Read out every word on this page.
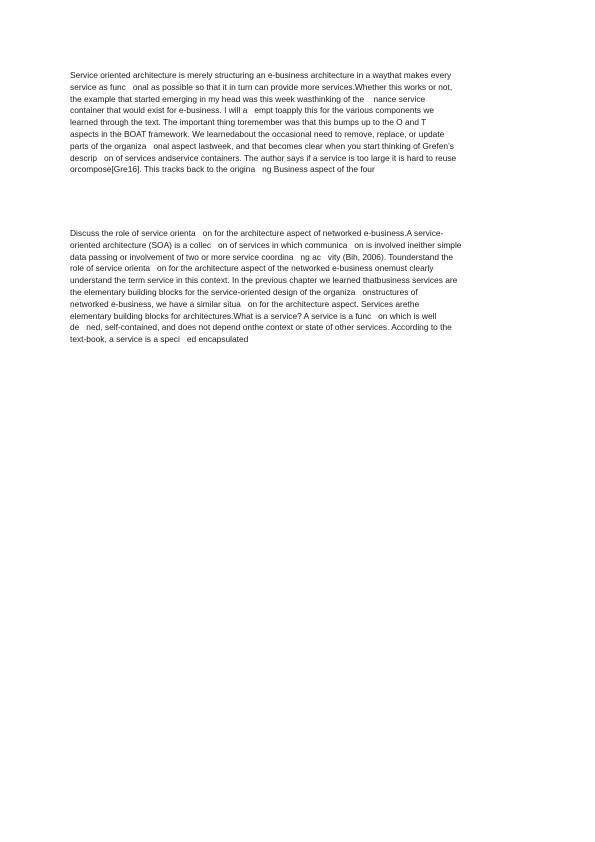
Service oriented architecture is merely structuring an e-business architecture in a waythat makes every
service as func   onal as possible so that it in turn can provide more services.Whether this works or not,
the example that started emerging in my head was this week wasthinking of the    nance service
container that would exist for e-business. I will a   empt toapply this for the various components we
learned through the text. The important thing toremember was that this bumps up to the O and T
aspects in the BOAT framework. We learnedabout the occasional need to remove, replace, or update
parts of the organiza   onal aspect lastweek, and that becomes clear when you start thinking of Grefen’s
descrip   on of services andservice containers. The author says if a service is too large it is hard to reuse
orcompose[Gre16]. This tracks back to the origina   ng Business aspect of the four

Discuss the role of service orienta   on for the architecture aspect of networked e-business.A service-
oriented architecture (SOA) is a collec   on of services in which communica   on is involved ineither simple
data passing or involvement of two or more service coordina   ng ac   vity (Bih, 2006). Tounderstand the
role of service orienta   on for the architecture aspect of the networked e-business onemust clearly
understand the term service in this context. In the previous chapter we learned thatbusiness services are
the elementary building blocks for the service-oriented design of the organiza   onstructures of
networked e-business, we have a similar situa   on for the architecture aspect. Services arethe
elementary building blocks for architectures.What is a service? A service is a func   on which is well
de   ned, self-contained, and does not depend onthe context or state of other services. According to the
text-book, a service is a speci   ed encapsulated
